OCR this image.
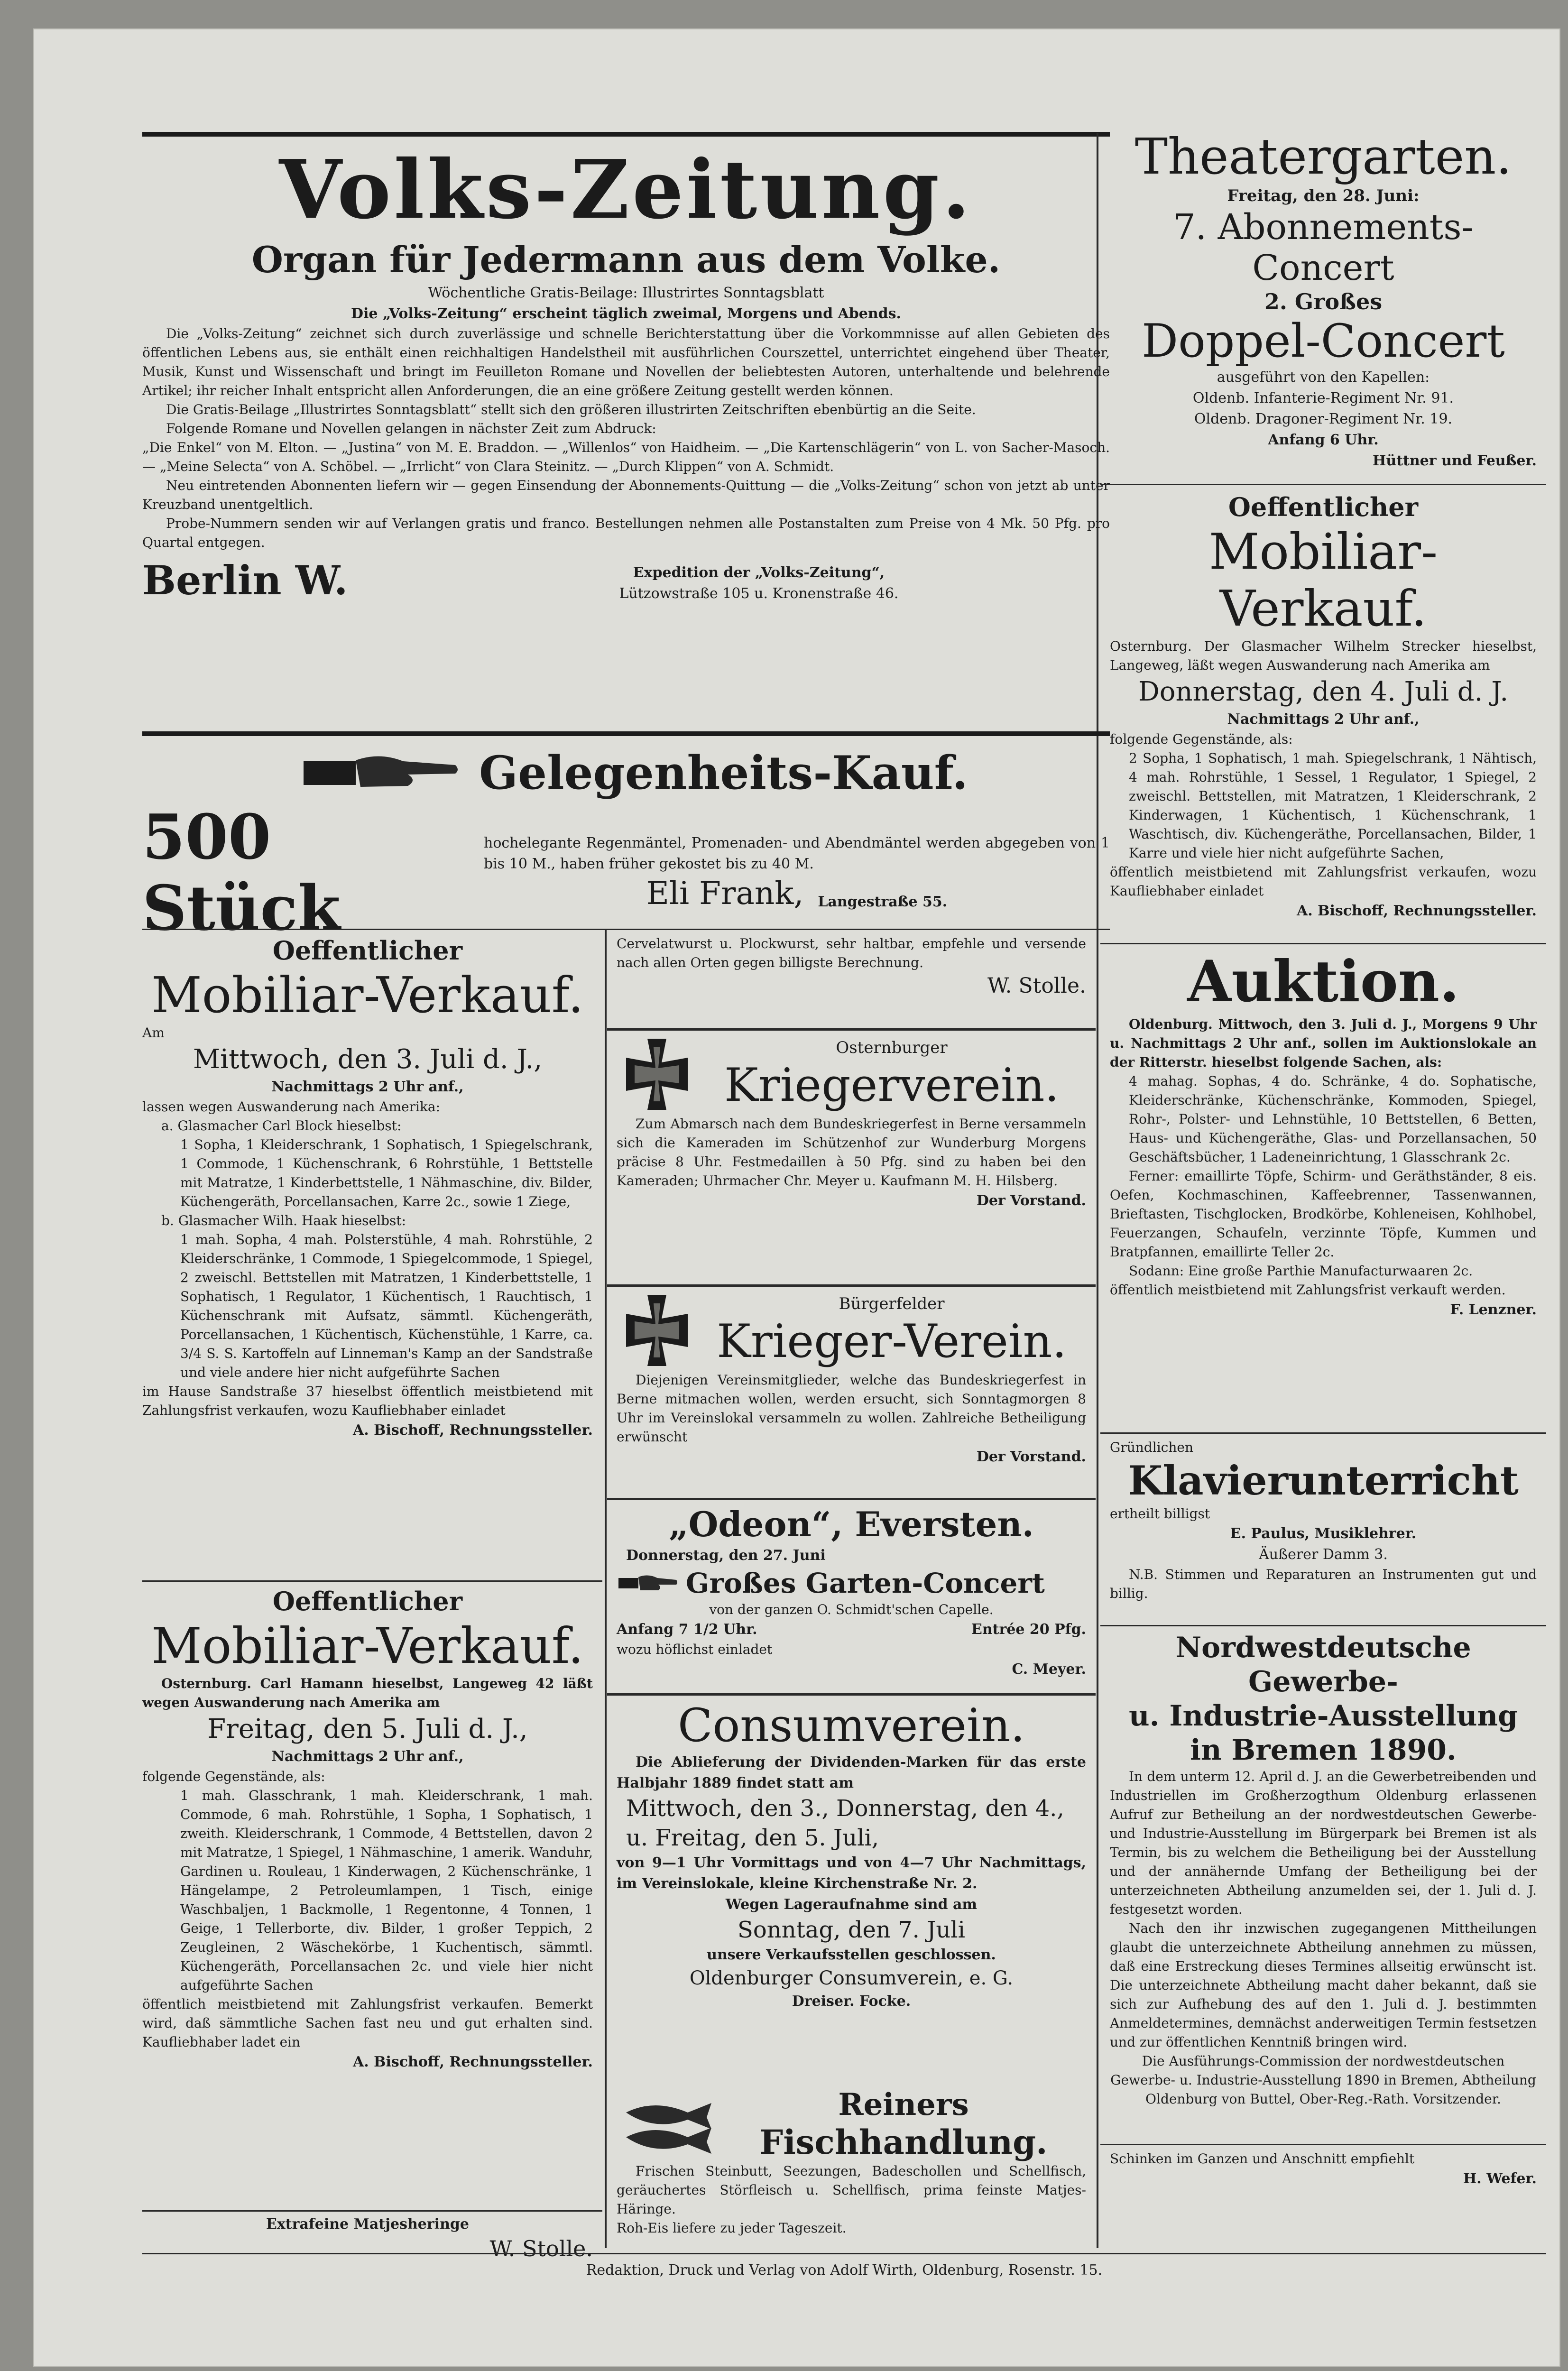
Volks-Zeitung.
Organ für Jedermann aus dem Volke.
Wöchentliche Gratis-Beilage: Illustrirtes Sonntagsblatt
Die „Volks-Zeitung“ erscheint täglich zweimal, Morgens und Abends.

Die „Volks-Zeitung“ zeichnet sich durch zuverlässige und schnelle Berichterstattung über die Vorkommnisse auf allen Gebieten des öffentlichen Lebens aus, sie enthält einen reichhaltigen Handelstheil mit ausführlichen Courszettel, unterrichtet eingehend über Theater, Musik, Kunst und Wissenschaft und bringt im Feuilleton Romane und Novellen der beliebtesten Autoren, unterhaltende und belehrende Artikel; ihr reicher Inhalt entspricht allen Anforderungen, die an eine größere Zeitung gestellt werden können.

Die Gratis-Beilage „Illustrirtes Sonntagsblatt“ stellt sich den größeren illustrirten Zeitschriften ebenbürtig an die Seite.

Folgende Romane und Novellen gelangen in nächster Zeit zum Abdruck:

„Die Enkel“ von M. Elton. — „Justina“ von M. E. Braddon. — „Willenlos“ von Haidheim. — „Die Kartenschlägerin“ von L. von Sacher-Masoch. — „Meine Selecta“ von A. Schöbel. — „Irrlicht“ von Clara Steinitz. — „Durch Klippen“ von A. Schmidt.

Neu eintretenden Abonnenten liefern wir — gegen Einsendung der Abonnements-Quittung — die „Volks-Zeitung“ schon von jetzt ab unter Kreuzband unentgeltlich.

Probe-Nummern senden wir auf Verlangen gratis und franco. Bestellungen nehmen alle Postanstalten zum Preise von 4 Mk. 50 Pfg. pro Quartal entgegen.

Berlin W.	Expedition der „Volks-Zeitung“,
Lützowstraße 105 u. Kronenstraße 46.
Theatergarten.
Freitag, den 28. Juni:
7. Abonnements-Concert
2. Großes
Doppel-Concert
ausgeführt von den Kapellen:
Oldenb. Infanterie-Regiment Nr. 91.
Oldenb. Dragoner-Regiment Nr. 19.
Anfang 6 Uhr.
Hüttner und Feußer.
Oeffentlicher
Mobiliar-Verkauf.

Osternburg. Der Glasmacher Wilhelm Strecker hieselbst, Langeweg, läßt wegen Auswanderung nach Amerika am

Donnerstag, den 4. Juli d. J.
Nachmittags 2 Uhr anf.,

folgende Gegenstände, als:

2 Sopha, 1 Sophatisch, 1 mah. Spiegelschrank, 1 Nähtisch, 4 mah. Rohrstühle, 1 Sessel, 1 Regulator, 1 Spiegel, 2 zweischl. Bettstellen, mit Matratzen, 1 Kleiderschrank, 2 Kinderwagen, 1 Küchentisch, 1 Küchenschrank, 1 Waschtisch, div. Küchengeräthe, Porcellansachen, Bilder, 1 Karre und viele hier nicht aufgeführte Sachen,

öffentlich meistbietend mit Zahlungsfrist verkaufen, wozu Kaufliebhaber einladet

A. Bischoff, Rechnungssteller.
Auktion.

Oldenburg. Mittwoch, den 3. Juli d. J., Morgens 9 Uhr u. Nachmittags 2 Uhr anf., sollen im Auktionslokale an der Ritterstr. hieselbst folgende Sachen, als:

4 mahag. Sophas, 4 do. Schränke, 4 do. Sophatische, Kleiderschränke, Küchenschränke, Kommoden, Spiegel, Rohr-, Polster- und Lehnstühle, 10 Bettstellen, 6 Betten, Haus- und Küchengeräthe, Glas- und Porzellansachen, 50 Geschäftsbücher, 1 Ladeneinrichtung, 1 Glasschrank 2c.

Ferner: emaillirte Töpfe, Schirm- und Geräthständer, 8 eis. Oefen, Kochmaschinen, Kaffeebrenner, Tassenwannen, Brieftasten, Tischglocken, Brodkörbe, Kohleneisen, Kohlhobel, Feuerzangen, Schaufeln, verzinnte Töpfe, Kummen und Bratpfannen, emaillirte Teller 2c.

Sodann: Eine große Parthie Manufacturwaaren 2c.

öffentlich meistbietend mit Zahlungsfrist verkauft werden.

F. Lenzner.

Gründlichen

Klavierunterricht

ertheilt billigst

E. Paulus, Musiklehrer.
Äußerer Damm 3.

N.B. Stimmen und Reparaturen an Instrumenten gut und billig.

Nordwestdeutsche Gewerbe-
u. Industrie-Ausstellung
in Bremen 1890.

In dem unterm 12. April d. J. an die Gewerbetreibenden und Industriellen im Großherzogthum Oldenburg erlassenen Aufruf zur Betheilung an der nordwestdeutschen Gewerbe- und Industrie-Ausstellung im Bürgerpark bei Bremen ist als Termin, bis zu welchem die Betheiligung bei der Ausstellung und der annähernde Umfang der Betheiligung bei der unterzeichneten Abtheilung anzumelden sei, der 1. Juli d. J. festgesetzt worden.

Nach den ihr inzwischen zugegangenen Mittheilungen glaubt die unterzeichnete Abtheilung annehmen zu müssen, daß eine Erstreckung dieses Termines allseitig erwünscht ist. Die unterzeichnete Abtheilung macht daher bekannt, daß sie sich zur Aufhebung des auf den 1. Juli d. J. bestimmten Anmeldetermines, demnächst anderweitigen Termin festsetzen und zur öffentlichen Kenntniß bringen wird.

Die Ausführungs-Commission der nordwestdeutschen Gewerbe- u. Industrie-Ausstellung 1890 in Bremen, Abtheilung Oldenburg von Buttel, Ober-Reg.-Rath. Vorsitzender.

Schinken im Ganzen und Anschnitt empfiehlt

H. Wefer.
Gelegenheits-Kauf.
500 Stück

hochelegante Regenmäntel, Promenaden- und Abendmäntel werden abgegeben von 1 bis 10 M., haben früher gekostet bis zu 40 M.

Eli Frank, Langestraße 55.
Oeffentlicher
Mobiliar-Verkauf.

Am

Mittwoch, den 3. Juli d. J.,
Nachmittags 2 Uhr anf.,

lassen wegen Auswanderung nach Amerika:

a. Glasmacher Carl Block hieselbst:

1 Sopha, 1 Kleiderschrank, 1 Sophatisch, 1 Spiegelschrank, 1 Commode, 1 Küchenschrank, 6 Rohrstühle, 1 Bettstelle mit Matratze, 1 Kinderbettstelle, 1 Nähmaschine, div. Bilder, Küchengeräth, Porcellansachen, Karre 2c., sowie 1 Ziege,

b. Glasmacher Wilh. Haak hieselbst:

1 mah. Sopha, 4 mah. Polsterstühle, 4 mah. Rohrstühle, 2 Kleiderschränke, 1 Commode, 1 Spiegelcommode, 1 Spiegel, 2 zweischl. Bettstellen mit Matratzen, 1 Kinderbettstelle, 1 Sophatisch, 1 Regulator, 1 Küchentisch, 1 Rauchtisch, 1 Küchenschrank mit Aufsatz, sämmtl. Küchengeräth, Porcellansachen, 1 Küchentisch, Küchenstühle, 1 Karre, ca. 3/4 S. S. Kartoffeln auf Linneman's Kamp an der Sandstraße und viele andere hier nicht aufgeführte Sachen

im Hause Sandstraße 37 hieselbst öffentlich meistbietend mit Zahlungsfrist verkaufen, wozu Kaufliebhaber einladet

A. Bischoff, Rechnungssteller.
Oeffentlicher
Mobiliar-Verkauf.

Osternburg. Carl Hamann hieselbst, Langeweg 42 läßt wegen Auswanderung nach Amerika am

Freitag, den 5. Juli d. J.,
Nachmittags 2 Uhr anf.,

folgende Gegenstände, als:

1 mah. Glasschrank, 1 mah. Kleiderschrank, 1 mah. Commode, 6 mah. Rohrstühle, 1 Sopha, 1 Sophatisch, 1 zweith. Kleiderschrank, 1 Commode, 4 Bettstellen, davon 2 mit Matratze, 1 Spiegel, 1 Nähmaschine, 1 amerik. Wanduhr, Gardinen u. Rouleau, 1 Kinderwagen, 2 Küchenschränke, 1 Hängelampe, 2 Petroleumlampen, 1 Tisch, einige Waschbaljen, 1 Backmolle, 1 Regentonne, 4 Tonnen, 1 Geige, 1 Tellerborte, div. Bilder, 1 großer Teppich, 2 Zeugleinen, 2 Wäschekörbe, 1 Kuchentisch, sämmtl. Küchengeräth, Porcellansachen 2c. und viele hier nicht aufgeführte Sachen

öffentlich meistbietend mit Zahlungsfrist verkaufen. Bemerkt wird, daß sämmtliche Sachen fast neu und gut erhalten sind. Kaufliebhaber ladet ein

A. Bischoff, Rechnungssteller.
Extrafeine Matjesheringe
W. Stolle.

Cervelatwurst u. Plockwurst, sehr haltbar, empfehle und versende nach allen Orten gegen billigste Berechnung.

W. Stolle.
Osternburger
Kriegerverein.

Zum Abmarsch nach dem Bundeskriegerfest in Berne versammeln sich die Kameraden im Schützenhof zur Wunderburg Morgens präcise 8 Uhr. Festmedaillen à 50 Pfg. sind zu haben bei den Kameraden; Uhrmacher Chr. Meyer u. Kaufmann M. H. Hilsberg.

Der Vorstand.
Bürgerfelder
Krieger-Verein.

Diejenigen Vereinsmitglieder, welche das Bundeskriegerfest in Berne mitmachen wollen, werden ersucht, sich Sonntagmorgen 8 Uhr im Vereinslokal versammeln zu wollen. Zahlreiche Betheiligung erwünscht

Der Vorstand.
„Odeon“, Eversten.
Donnerstag, den 27. Juni
Großes Garten-Concert
von der ganzen O. Schmidt'schen Capelle.
Anfang 7 1/2 Uhr.	Entrée 20 Pfg.

wozu höflichst einladet

C. Meyer.
Consumverein.

Die Ablieferung der Dividenden-Marken für das erste Halbjahr 1889 findet statt am

Mittwoch, den 3., Donnerstag, den 4., u. Freitag, den 5. Juli,

von 9—1 Uhr Vormittags und von 4—7 Uhr Nachmittags, im Vereinslokale, kleine Kirchenstraße Nr. 2.

Wegen Lageraufnahme sind am
Sonntag, den 7. Juli
unsere Verkaufsstellen geschlossen.
Oldenburger Consumverein, e. G.
Dreiser. Focke.
Reiners
Fischhandlung.

Frischen Steinbutt, Seezungen, Badeschollen und Schellfisch, geräuchertes Störfleisch u. Schellfisch, prima feinste Matjes-Häringe.

Roh-Eis liefere zu jeder Tageszeit.

Redaktion, Druck und Verlag von Adolf Wirth, Oldenburg, Rosenstr. 15.
